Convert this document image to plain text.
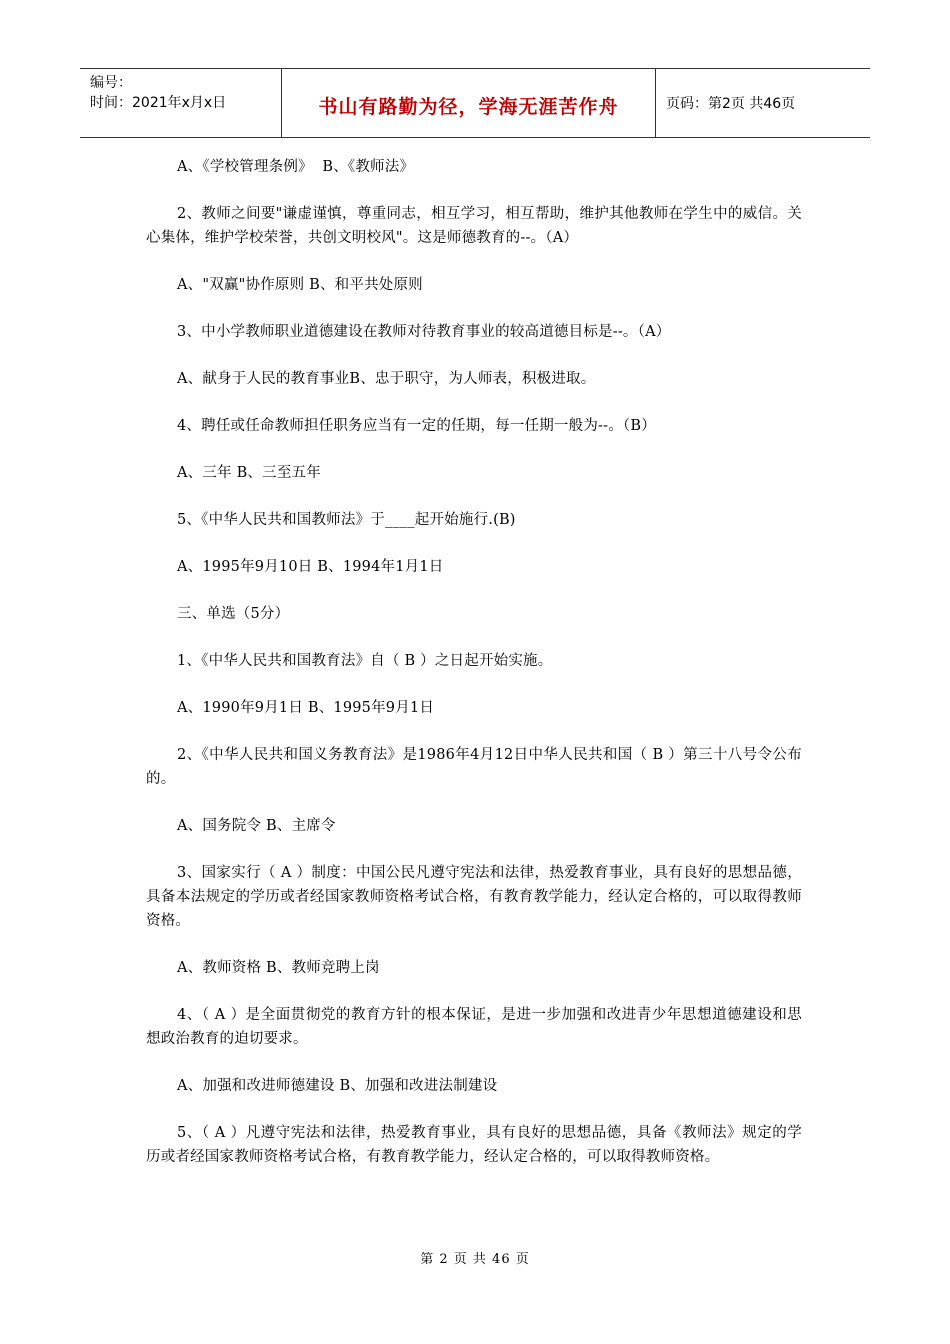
编号：
时间：2021年x月x日	书山有路勤为径，学海无涯苦作舟	页码：第2页 共46页

A、《学校管理条例》  B、《教师法》

2、教师之间要"谦虚谨慎，尊重同志，相互学习，相互帮助，维护其他教师在学生中的威信。关心集体，维护学校荣誉，共创文明校风"。这是师德教育的--。（A）

A、"双赢"协作原则 B、和平共处原则

3、中小学教师职业道德建设在教师对待教育事业的较高道德目标是--。（A）

A、献身于人民的教育事业B、忠于职守，为人师表，积极进取。

4、聘任或任命教师担任职务应当有一定的任期，每一任期一般为--。（B）

A、三年 B、三至五年

5、《中华人民共和国教师法》于____起开始施行.(B)

A、1995年9月10日 B、1994年1月1日

三、单选（5分）

1、《中华人民共和国教育法》自（ B ）之日起开始实施。

A、1990年9月1日 B、1995年9月1日

2、《中华人民共和国义务教育法》是1986年4月12日中华人民共和国（ B ）第三十八号令公布的。

A、国务院令 B、主席令

3、国家实行（ A ）制度：中国公民凡遵守宪法和法律，热爱教育事业，具有良好的思想品德，具备本法规定的学历或者经国家教师资格考试合格，有教育教学能力，经认定合格的，可以取得教师资格。

A、教师资格 B、教师竞聘上岗

4、（ A ）是全面贯彻党的教育方针的根本保证，是进一步加强和改进青少年思想道德建设和思想政治教育的迫切要求。

A、加强和改进师德建设 B、加强和改进法制建设

5、（ A ）凡遵守宪法和法律，热爱教育事业，具有良好的思想品德，具备《教师法》规定的学历或者经国家教师资格考试合格，有教育教学能力，经认定合格的，可以取得教师资格。

第 2 页 共 46 页
